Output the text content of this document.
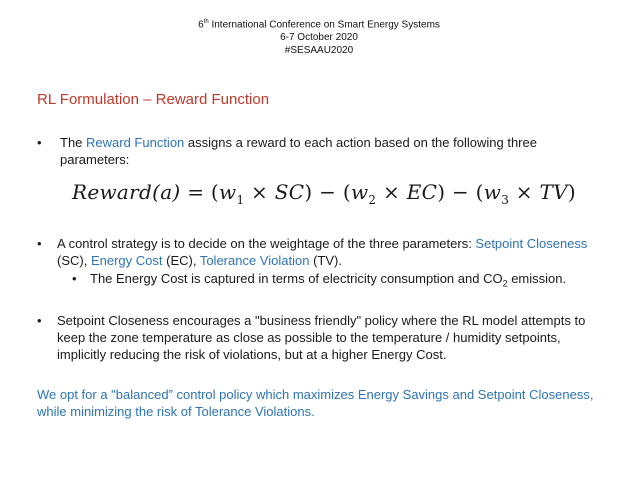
6th International Conference on Smart Energy Systems
6-7 October 2020
#SESAAU2020
RL Formulation – Reward Function
• The Reward Function assigns a reward to each action based on the following three parameters:
Reward(a) = $(w_1 \times SC) - (w_2 \times EC) - (w_3 \times TV)$
• A control strategy is to decide on the weightage of the three parameters: Setpoint Closeness (SC), Energy Cost (EC), Tolerance Violation (TV).
• The Energy Cost is captured in terms of electricity consumption and $CO_2$ emission.
• Setpoint Closeness encourages a "business friendly" policy where the RL model attempts to keep the zone temperature as close as possible to the temperature / humidity setpoints, implicitly reducing the risk of violations, but at a higher Energy Cost.
We opt for a "balanced” control policy which maximizes Energy Savings and Setpoint Closeness, while minimizing the risk of Tolerance Violations.
